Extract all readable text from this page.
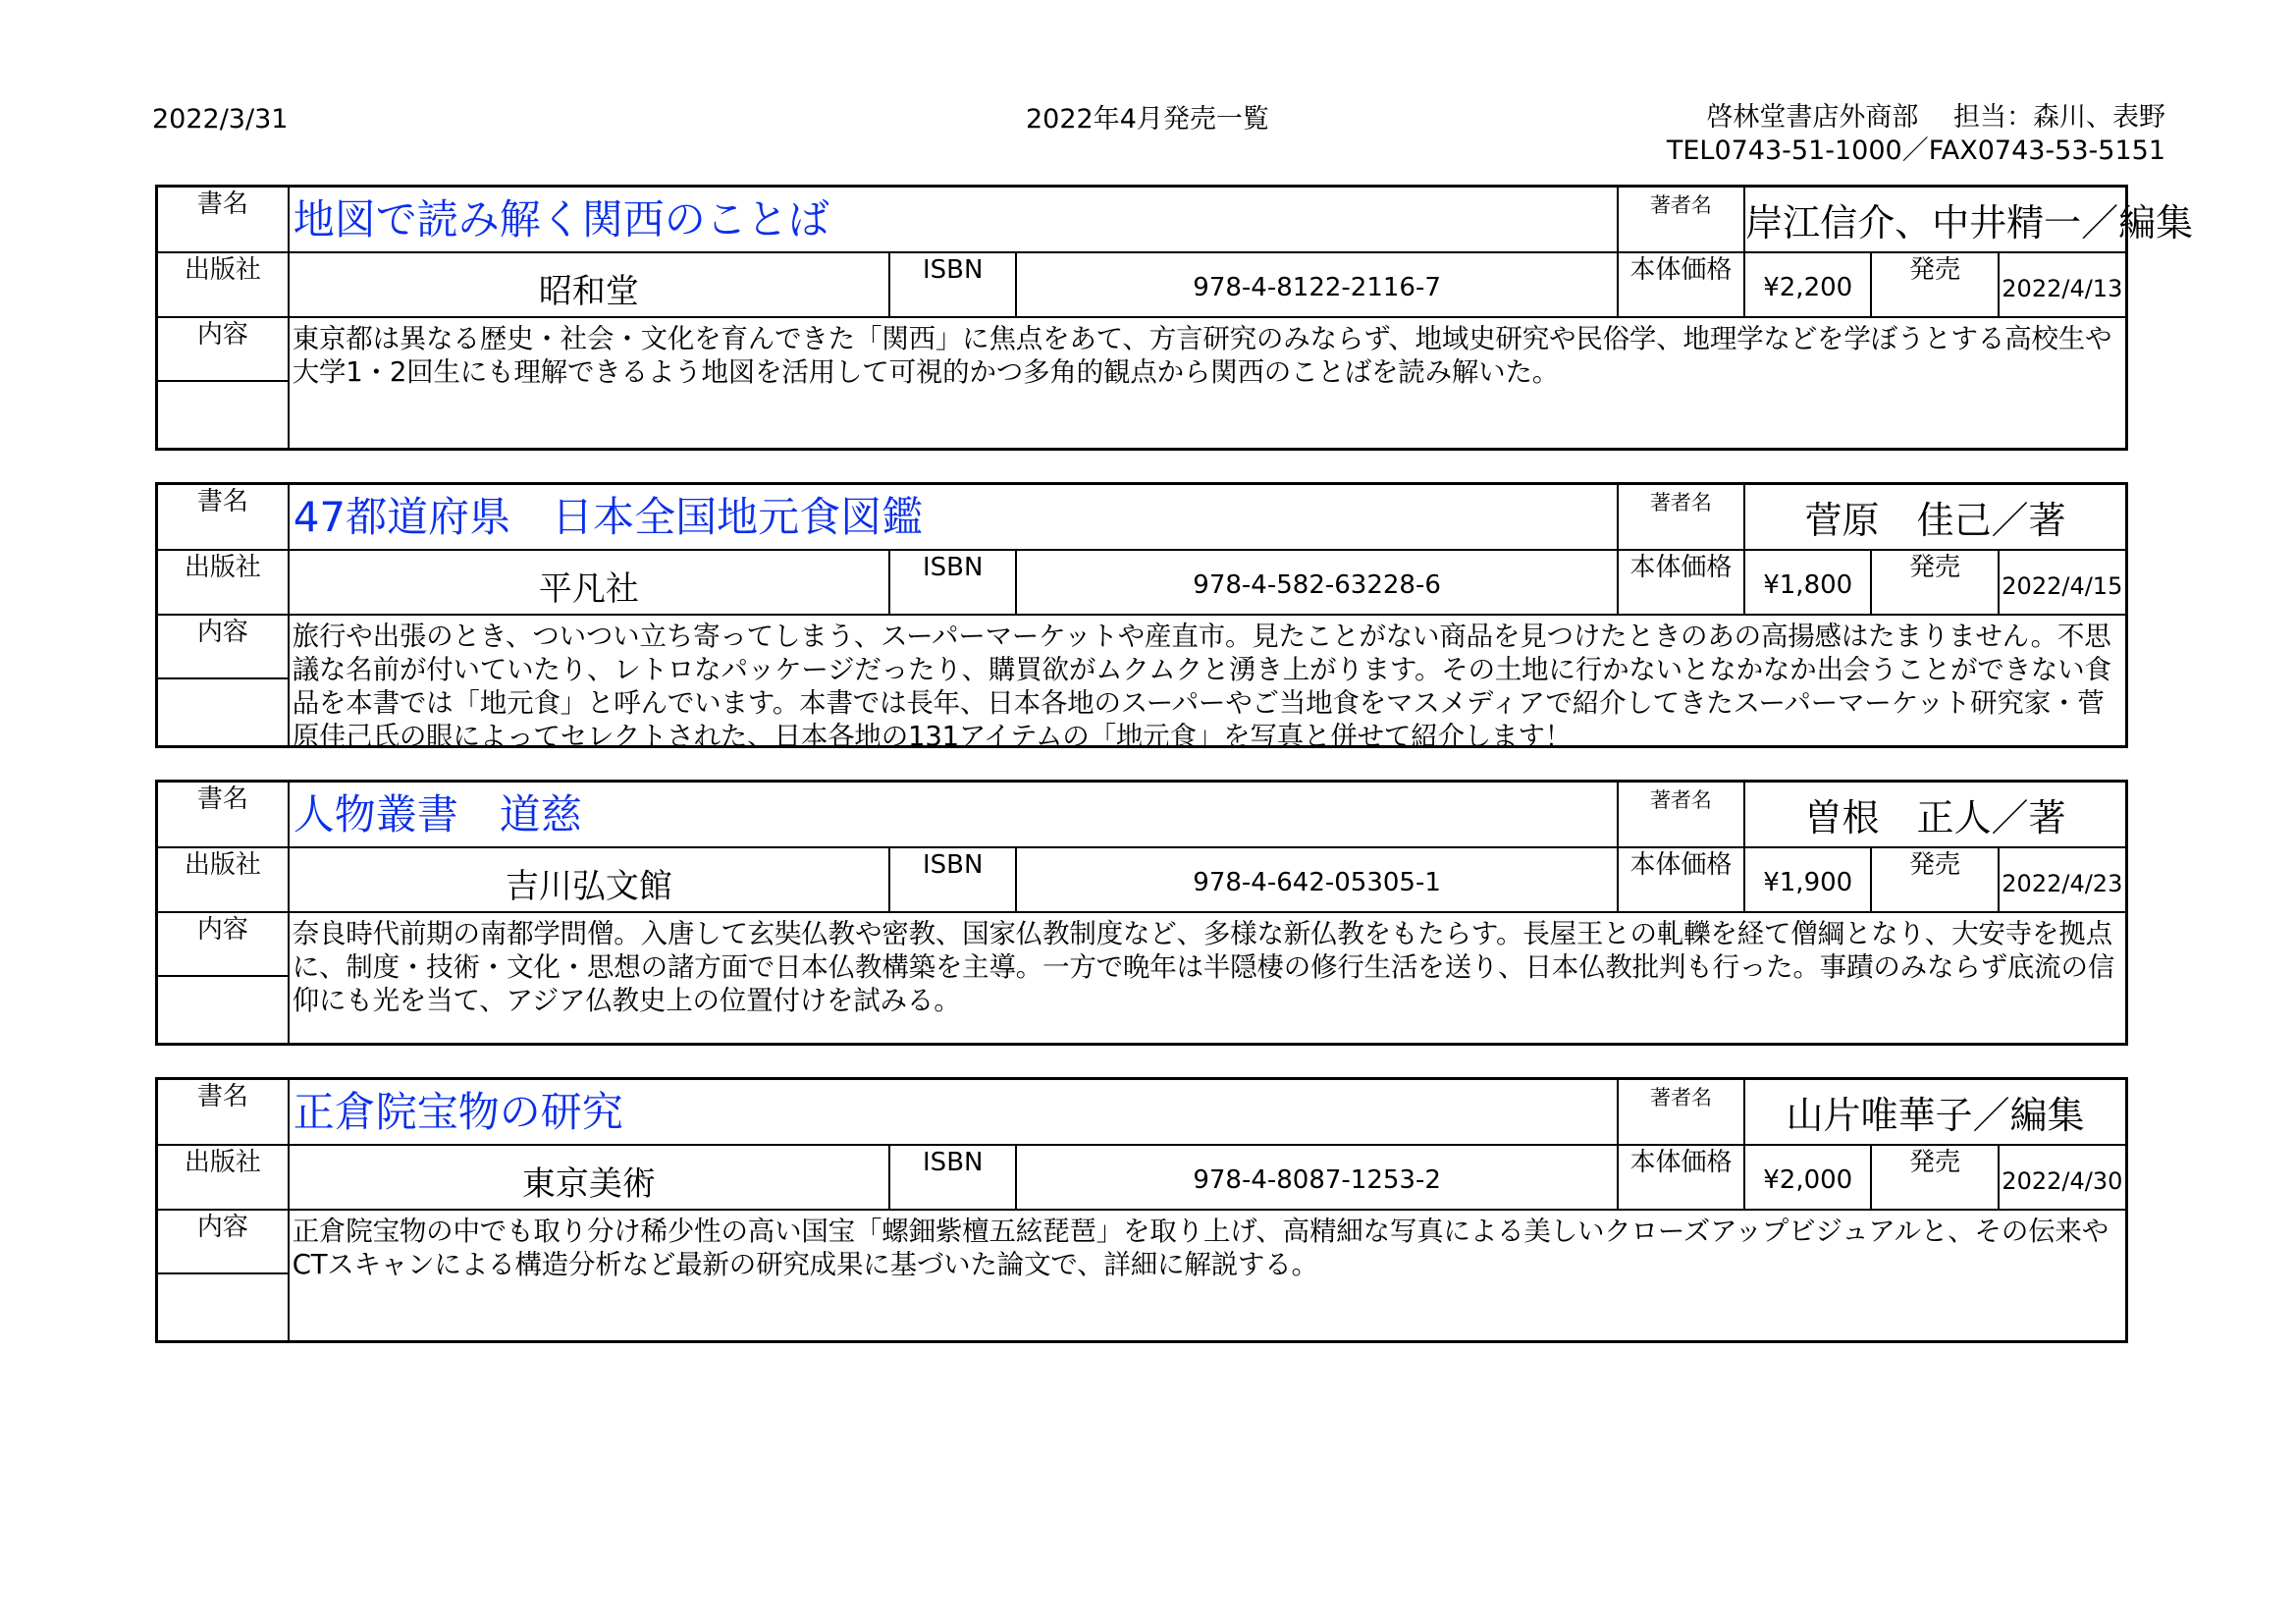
2022/3/31	2022年4月発売一覧	啓林堂書店外商部　 担当：森川、表野
TEL0743-51-1000／FAX0743-53-5151
書名	地図で読み解く関西のことば			著者名	岸江信介、中井精一／編集		
出版社	昭和堂	ISBN	978-4-8122-2116-7	本体価格	¥2,200	発売	2022/4/13
内容	東京都は異なる歴史・社会・文化を育んできた「関西」に焦点をあて、方言研究のみならず、地域史研究や民俗学、地理学などを学ぼうとする高校生や大学1・2回生にも理解できるよう地図を活用して可視的かつ多角的観点から関西のことばを読み解いた。						

書名	47都道府県　日本全国地元食図鑑			著者名	菅原　佳己／著		
出版社	平凡社	ISBN	978-4-582-63228-6	本体価格	¥1,800	発売	2022/4/15
内容	旅行や出張のとき、ついつい立ち寄ってしまう、スーパーマーケットや産直市。見たことがない商品を見つけたときのあの高揚感はたまりません。不思議な名前が付いていたり、レトロなパッケージだったり、購買欲がムクムクと湧き上がります。その土地に行かないとなかなか出会うことができない食品を本書では「地元食」と呼んでいます。本書では長年、日本各地のスーパーやご当地食をマスメディアで紹介してきたスーパーマーケット研究家・菅原佳己氏の眼によってセレクトされた、日本各地の131アイテムの「地元食」を写真と併せて紹介します！						

書名	人物叢書　道慈			著者名	曽根　正人／著		
出版社	吉川弘文館	ISBN	978-4-642-05305-1	本体価格	¥1,900	発売	2022/4/23
内容	奈良時代前期の南都学問僧。入唐して玄奘仏教や密教、国家仏教制度など、多様な新仏教をもたらす。長屋王との軋轢を経て僧綱となり、大安寺を拠点に、制度・技術・文化・思想の諸方面で日本仏教構築を主導。一方で晩年は半隠棲の修行生活を送り、日本仏教批判も行った。事蹟のみならず底流の信仰にも光を当て、アジア仏教史上の位置付けを試みる。						

書名	正倉院宝物の研究			著者名	山片唯華子／編集		
出版社	東京美術	ISBN	978-4-8087-1253-2	本体価格	¥2,000	発売	2022/4/30
内容	正倉院宝物の中でも取り分け稀少性の高い国宝「螺鈿紫檀五絃琵琶」を取り上げ、高精細な写真による美しいクローズアップビジュアルと、その伝来やCTスキャンによる構造分析など最新の研究成果に基づいた論文で、詳細に解説する。						
